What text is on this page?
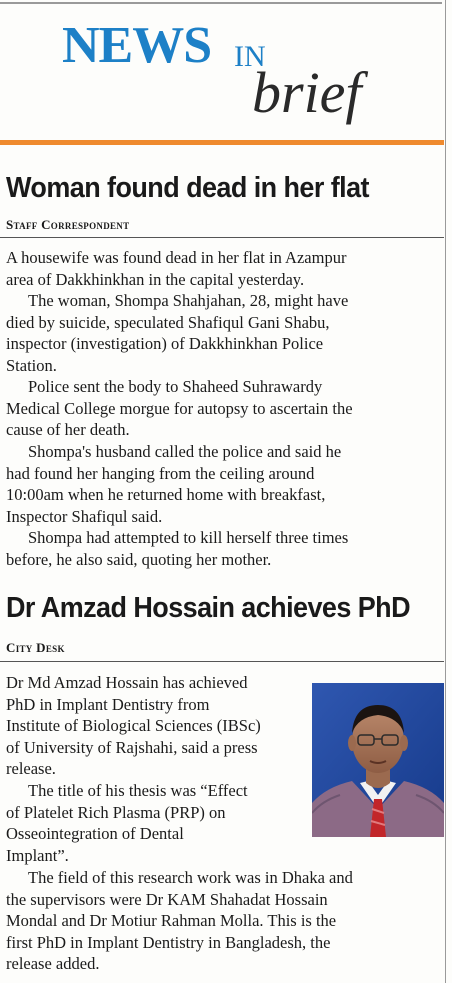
NEWS IN
brief
Woman found dead in her flat
Staff Correspondent

A housewife was found dead in her flat in Azampur
area of Dakkhinkhan in the capital yesterday.

The woman, Shompa Shahjahan, 28, might have
died by suicide, speculated Shafiqul Gani Shabu,
inspector (investigation) of Dakkhinkhan Police
Station.

Police sent the body to Shaheed Suhrawardy
Medical College morgue for autopsy to ascertain the
cause of her death.

Shompa's husband called the police and said he
had found her hanging from the ceiling around
10:00am when he returned home with breakfast,
Inspector Shafiqul said.

Shompa had attempted to kill herself three times
before, he also said, quoting her mother.

Dr Amzad Hossain achieves PhD
City Desk

Dr Md Amzad Hossain has achieved
PhD in Implant Dentistry from
Institute of Biological Sciences (IBSc)
of University of Rajshahi, said a press
release.

The title of his thesis was “Effect
of Platelet Rich Plasma (PRP) on
Osseointegration of Dental
Implant”.

The field of this research work was in Dhaka and
the supervisors were Dr KAM Shahadat Hossain
Mondal and Dr Motiur Rahman Molla. This is the
first PhD in Implant Dentistry in Bangladesh, the
release added.
